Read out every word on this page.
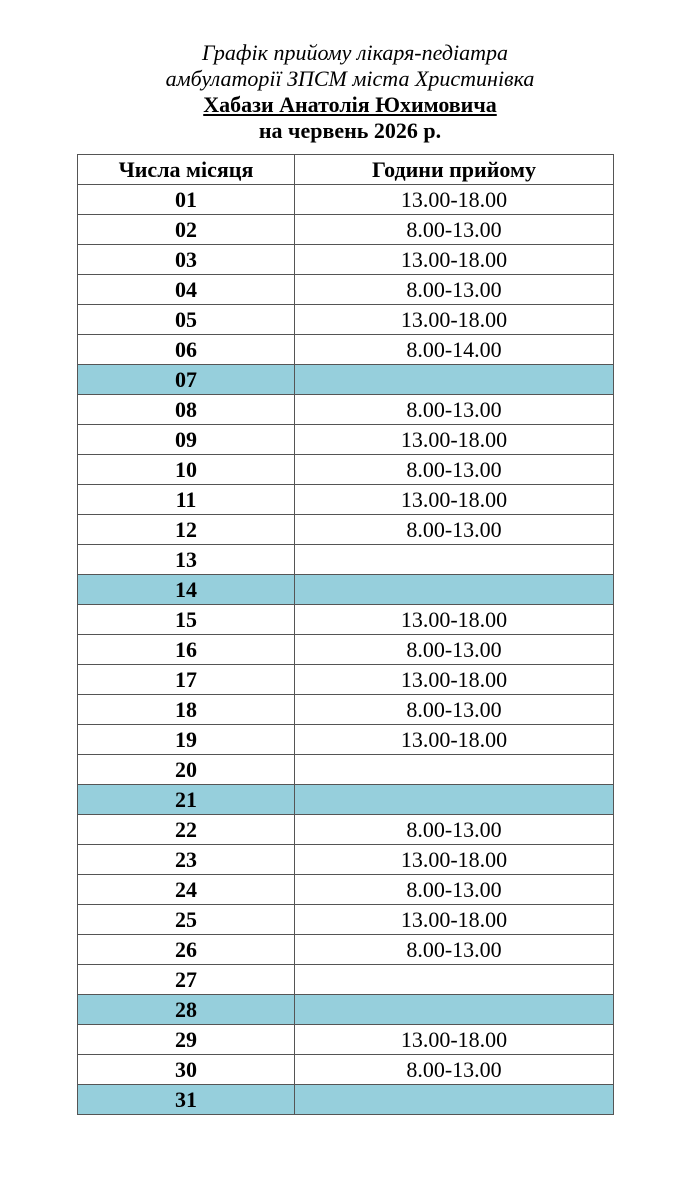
Графік прийому лікаря-педіатра
амбулаторії ЗПСМ міста Христинівка
Хабази Анатолія Юхимовича
на червень 2026 р.
Числа місяця	Години прийому
01	13.00-18.00
02	8.00-13.00
03	13.00-18.00
04	8.00-13.00
05	13.00-18.00
06	8.00-14.00
07	
08	8.00-13.00
09	13.00-18.00
10	8.00-13.00
11	13.00-18.00
12	8.00-13.00
13	
14	
15	13.00-18.00
16	8.00-13.00
17	13.00-18.00
18	8.00-13.00
19	13.00-18.00
20	
21	
22	8.00-13.00
23	13.00-18.00
24	8.00-13.00
25	13.00-18.00
26	8.00-13.00
27	
28	
29	13.00-18.00
30	8.00-13.00
31	
